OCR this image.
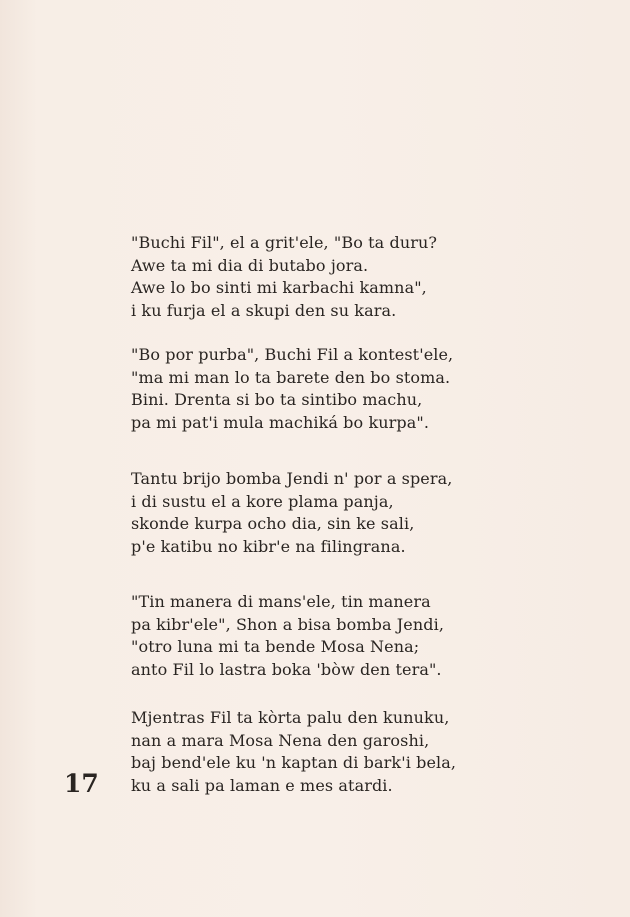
"Buchi Fil", el a grit'ele, "Bo ta duru?
Awe ta mi dia di butabo jora.
Awe lo bo sinti mi karbachi kamna",
i ku furja el a skupi den su kara.
"Bo por purba", Buchi Fil a kontest'ele,
"ma mi man lo ta barete den bo stoma.
Bini. Drenta si bo ta sintibo machu,
pa mi pat'i mula machiká bo kurpa".
Tantu brijo bomba Jendi n' por a spera,
i di sustu el a kore plama panja,
skonde kurpa ocho dia, sin ke sali,
p'e katibu no kibr'e na filingrana.
"Tin manera di mans'ele, tin manera
pa kibr'ele", Shon a bisa bomba Jendi,
"otro luna mi ta bende Mosa Nena;
anto Fil lo lastra boka 'bòw den tera".
Mjentras Fil ta kòrta palu den kunuku,
nan a mara Mosa Nena den garoshi,
baj bend'ele ku 'n kaptan di bark'i bela,
ku a sali pa laman e mes atardi.
17
